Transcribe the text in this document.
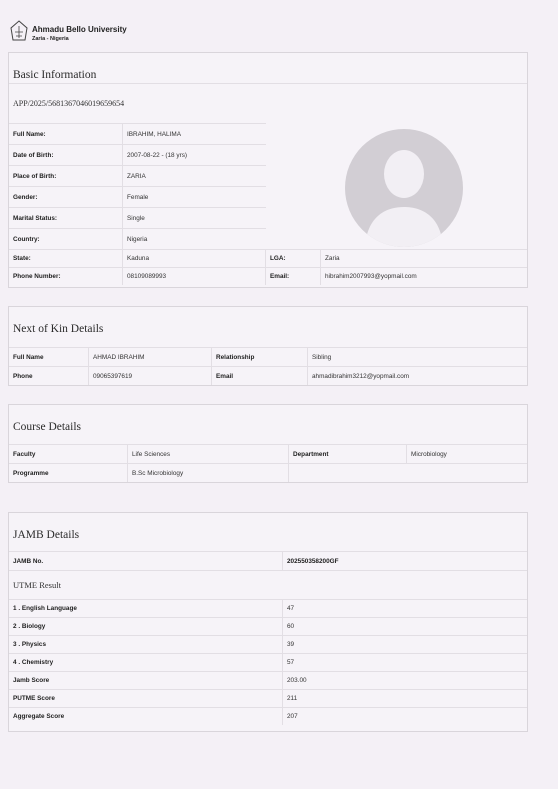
Ahmadu Bello University
Zaria - Nigeria
Basic Information
APP/2025/5681367046019659654
Full Name:	IBRAHIM, HALIMA
Date of Birth:	2007-08-22 - (18 yrs)
Place of Birth:	ZARIA
Gender:	Female
Marital Status:	Single
Country:	Nigeria
State:	Kaduna	LGA:	Zaria
Phone Number:	08109089993	Email:	hibrahim2007993@yopmail.com
Next of Kin Details
Full Name	AHMAD IBRAHIM	Relationship	Sibling
Phone	09065397619	Email	ahmadibrahim3212@yopmail.com
Course Details
Faculty	Life Sciences	Department	Microbiology
Programme	B.Sc Microbiology
JAMB Details
JAMB No.	202550358200GF
UTME Result
1 . English Language	47
2 . Biology	60
3 . Physics	39
4 . Chemistry	57
Jamb Score	203.00
PUTME Score	211
Aggregate Score	207
